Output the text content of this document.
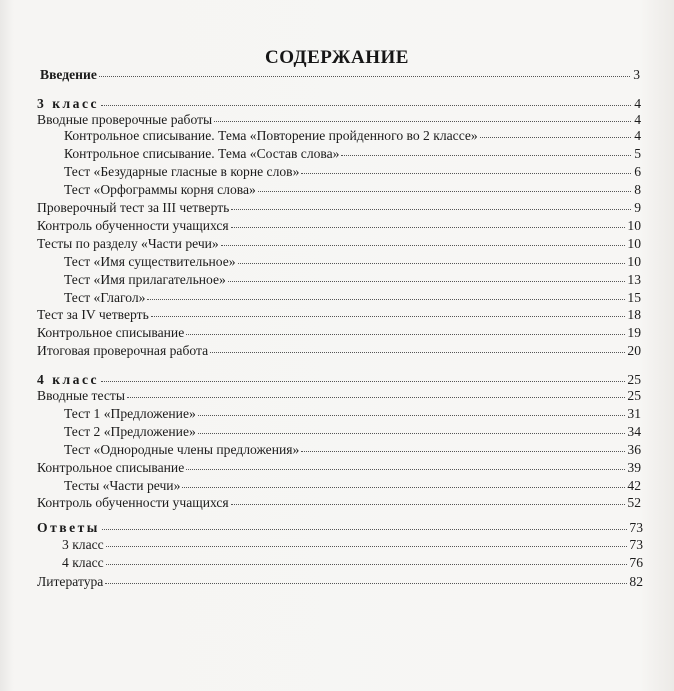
СОДЕРЖАНИЕ
Введение	3
3 класс	4
Вводные проверочные работы	4
Контрольное списывание. Тема «Повторение пройденного во 2 классе»	4
Контрольное списывание. Тема «Состав слова»	5
Тест «Безударные гласные в корне слов»	6
Тест «Орфограммы корня слова»	8
Проверочный тест за III четверть	9
Контроль обученности учащихся	10
Тесты по разделу «Части речи»	10
Тест «Имя существительное»	10
Тест «Имя прилагательное»	13
Тест «Глагол»	15
Тест за IV четверть	18
Контрольное списывание	19
Итоговая проверочная работа	20
4 класс	25
Вводные тесты	25
Тест 1 «Предложение»	31
Тест 2 «Предложение»	34
Тест «Однородные члены предложения»	36
Контрольное списывание	39
Тесты «Части речи»	42
Контроль обученности учащихся	52
Ответы	73
3 класс	73
4 класс	76
Литература	82
